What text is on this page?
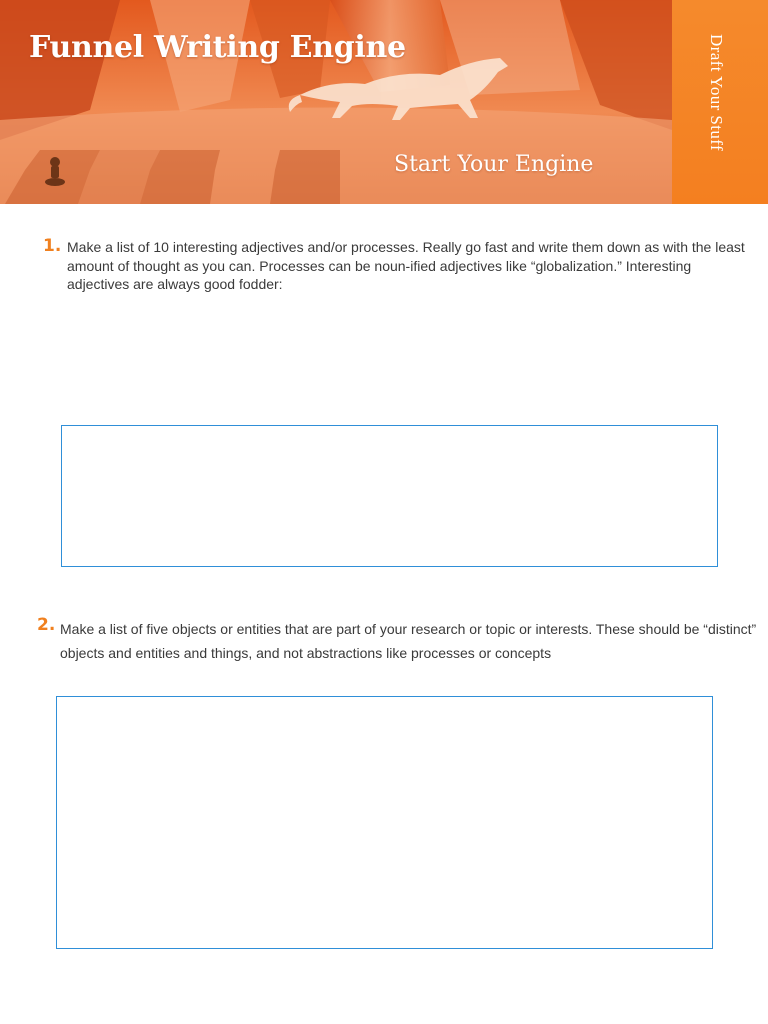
Draft Your Stuff
Funnel Writing Engine
Start Your Engine
1. Make a list of 10 interesting adjectives and/or processes. Really go fast and write them down as with the least amount of thought as you can. Processes can be noun-ified adjectives like “globalization.” Interesting adjectives are always good fodder:
2. Make a list of five objects or entities that are part of your research or topic or interests. These should be “distinct” objects and entities and things, and not abstractions like processes or concepts
